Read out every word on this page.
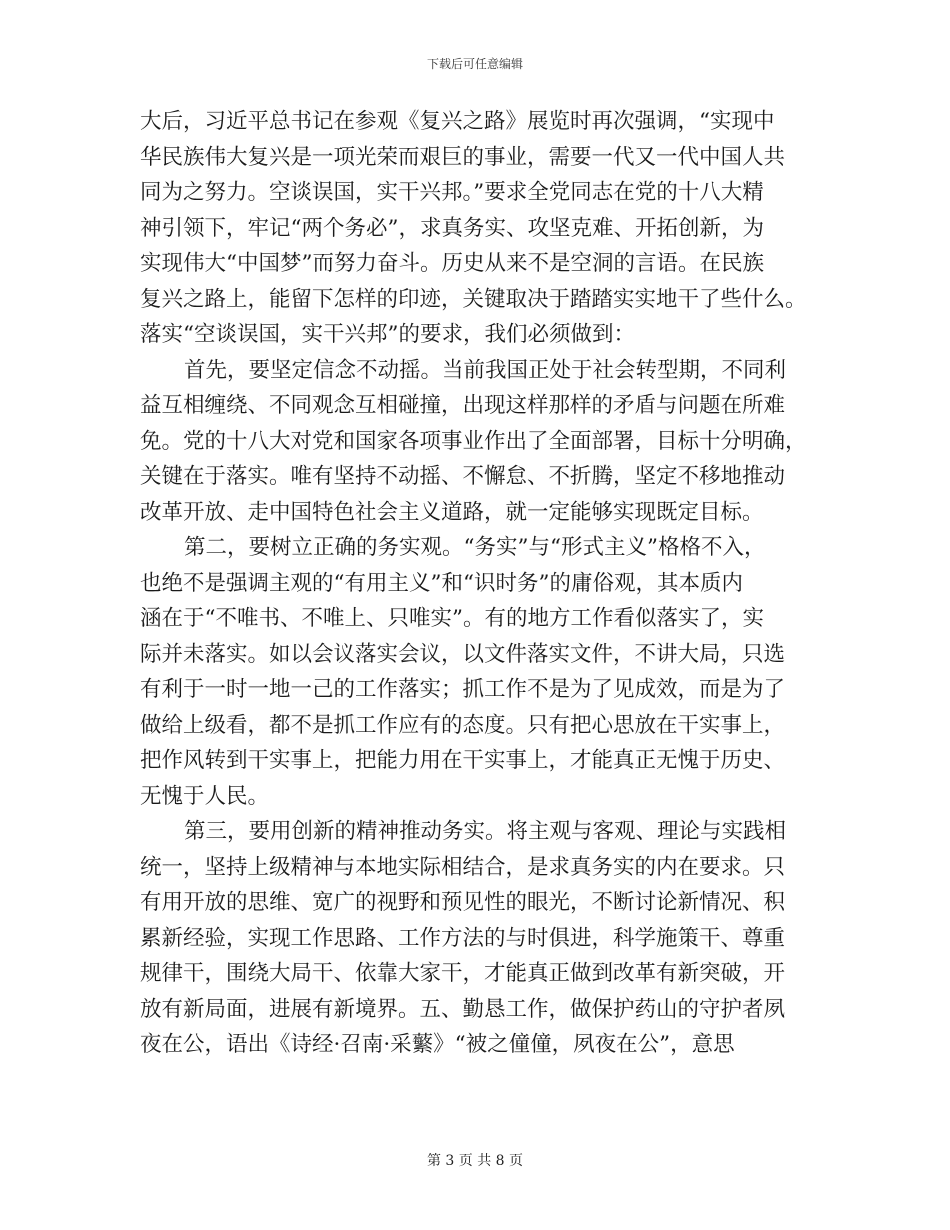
下载后可任意编辑
大后，习近平总书记在参观《复兴之路》展览时再次强调，“实现中
华民族伟大复兴是一项光荣而艰巨的事业，需要一代又一代中国人共
同为之努力。空谈误国，实干兴邦。”要求全党同志在党的十八大精
神引领下，牢记“两个务必”，求真务实、攻坚克难、开拓创新，为
实现伟大“中国梦”而努力奋斗。历史从来不是空洞的言语。在民族
复兴之路上，能留下怎样的印迹，关键取决于踏踏实实地干了些什么。
落实“空谈误国，实干兴邦”的要求，我们必须做到：
首先，要坚定信念不动摇。当前我国正处于社会转型期，不同利
益互相缠绕、不同观念互相碰撞，出现这样那样的矛盾与问题在所难
免。党的十八大对党和国家各项事业作出了全面部署，目标十分明确，
关键在于落实。唯有坚持不动摇、不懈怠、不折腾，坚定不移地推动
改革开放、走中国特色社会主义道路，就一定能够实现既定目标。
第二，要树立正确的务实观。“务实”与“形式主义”格格不入，
也绝不是强调主观的“有用主义”和“识时务”的庸俗观，其本质内
涵在于“不唯书、不唯上、只唯实”。有的地方工作看似落实了，实
际并未落实。如以会议落实会议，以文件落实文件，不讲大局，只选
有利于一时一地一己的工作落实；抓工作不是为了见成效，而是为了
做给上级看，都不是抓工作应有的态度。只有把心思放在干实事上，
把作风转到干实事上，把能力用在干实事上，才能真正无愧于历史、
无愧于人民。
第三，要用创新的精神推动务实。将主观与客观、理论与实践相
统一，坚持上级精神与本地实际相结合，是求真务实的内在要求。只
有用开放的思维、宽广的视野和预见性的眼光，不断讨论新情况、积
累新经验，实现工作思路、工作方法的与时俱进，科学施策干、尊重
规律干，围绕大局干、依靠大家干，才能真正做到改革有新突破，开
放有新局面，进展有新境界。五、勤恳工作，做保护药山的守护者夙
夜在公，语出《诗经·召南·采蘩》“被之僮僮，夙夜在公”，意思
第 3 页 共 8 页
